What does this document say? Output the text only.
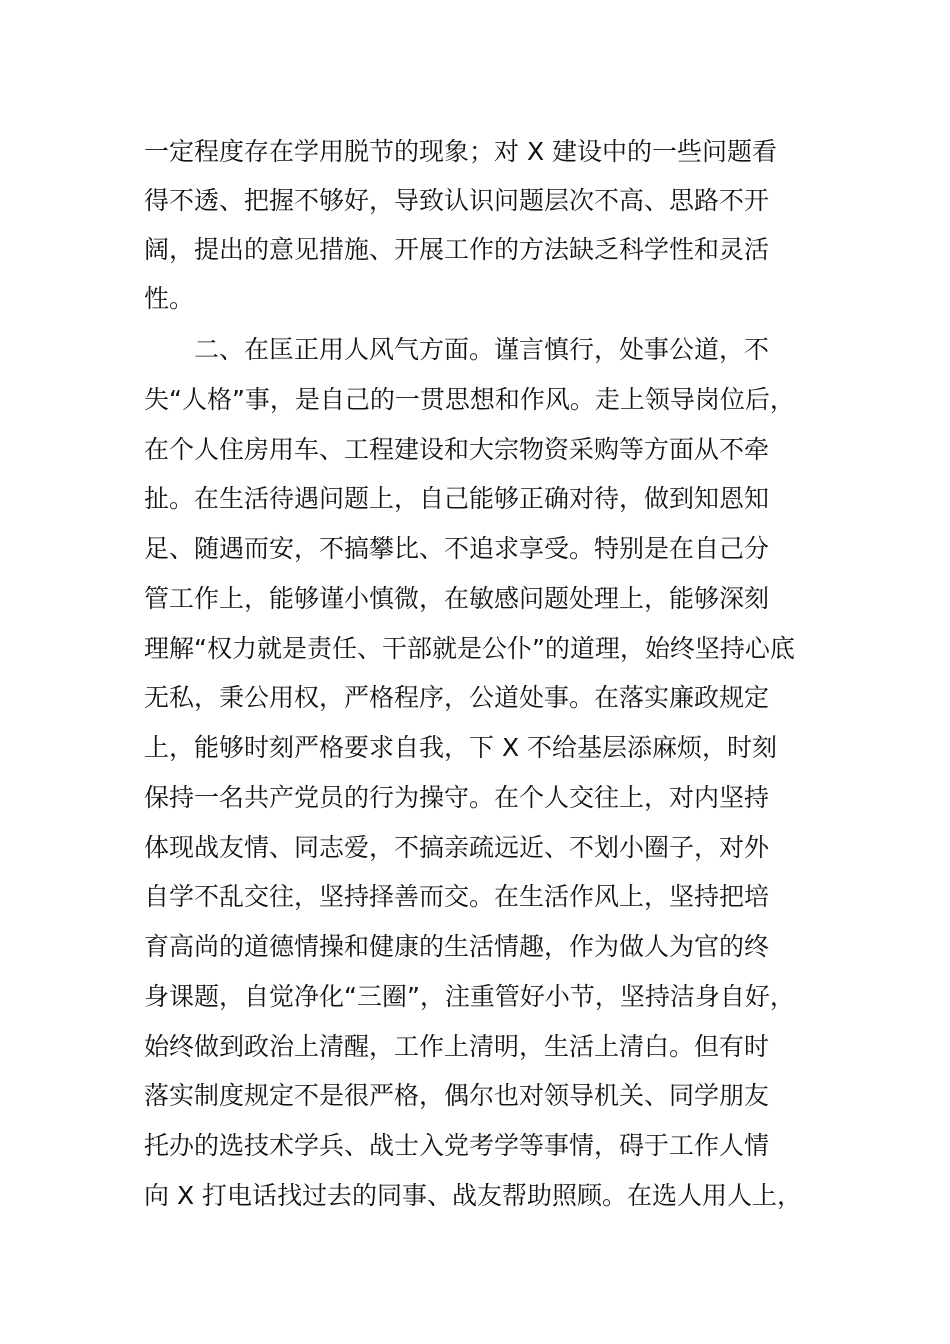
一定程度存在学用脱节的现象；对 X 建设中的一些问题看
得不透、把握不够好，导致认识问题层次不高、思路不开
阔，提出的意见措施、开展工作的方法缺乏科学性和灵活
性。
二、在匡正用人风气方面。谨言慎行，处事公道，不
失“人格”事，是自己的一贯思想和作风。走上领导岗位后，
在个人住房用车、工程建设和大宗物资采购等方面从不牵
扯。在生活待遇问题上，自己能够正确对待，做到知恩知
足、随遇而安，不搞攀比、不追求享受。特别是在自己分
管工作上，能够谨小慎微，在敏感问题处理上，能够深刻
理解“权力就是责任、干部就是公仆”的道理，始终坚持心底
无私，秉公用权，严格程序，公道处事。在落实廉政规定
上，能够时刻严格要求自我，下 X 不给基层添麻烦，时刻
保持一名共产党员的行为操守。在个人交往上，对内坚持
体现战友情、同志爱，不搞亲疏远近、不划小圈子，对外
自学不乱交往，坚持择善而交。在生活作风上，坚持把培
育高尚的道德情操和健康的生活情趣，作为做人为官的终
身课题，自觉净化“三圈”，注重管好小节，坚持洁身自好，
始终做到政治上清醒，工作上清明，生活上清白。但有时
落实制度规定不是很严格，偶尔也对领导机关、同学朋友
托办的选技术学兵、战士入党考学等事情，碍于工作人情
向 X 打电话找过去的同事、战友帮助照顾。在选人用人上，
